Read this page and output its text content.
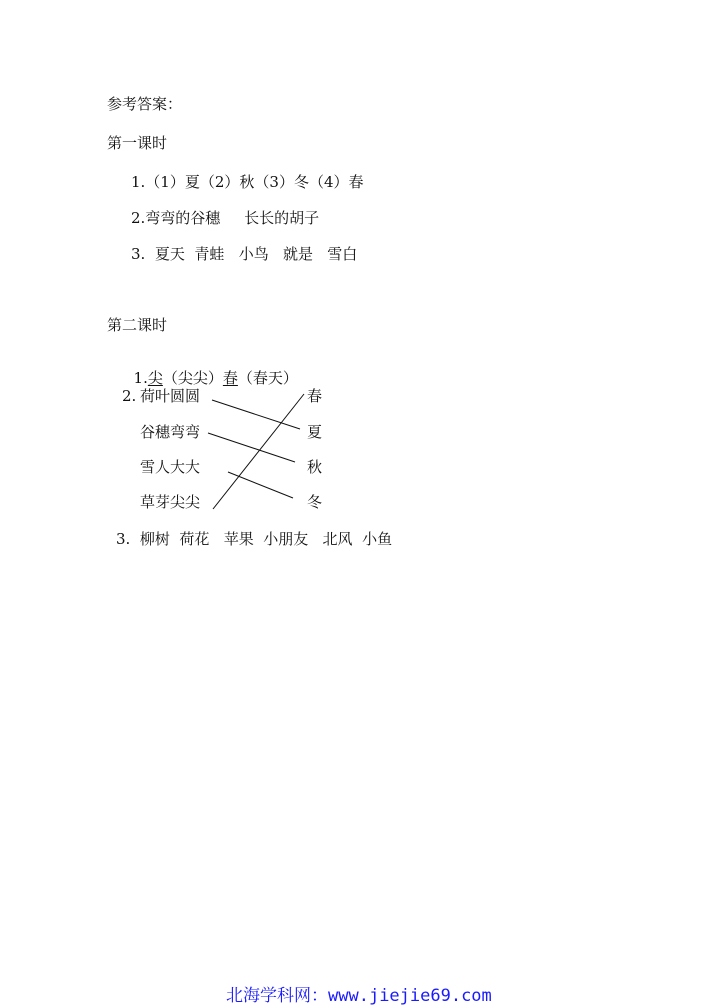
参考答案：
第一课时
1.（1）夏（2）秋（3）冬（4）春
2.弯弯的谷穗     长长的胡子
3.  夏天  青蛙   小鸟   就是   雪白
第二课时

1.尖（尖尖）春（春天）

2. 荷叶圆圆
谷穗弯弯
雪人大大
草芽尖尖
春
夏
秋
冬
3.  柳树  荷花   苹果  小朋友   北风  小鱼

北海学科网：www.jiejie69.com
